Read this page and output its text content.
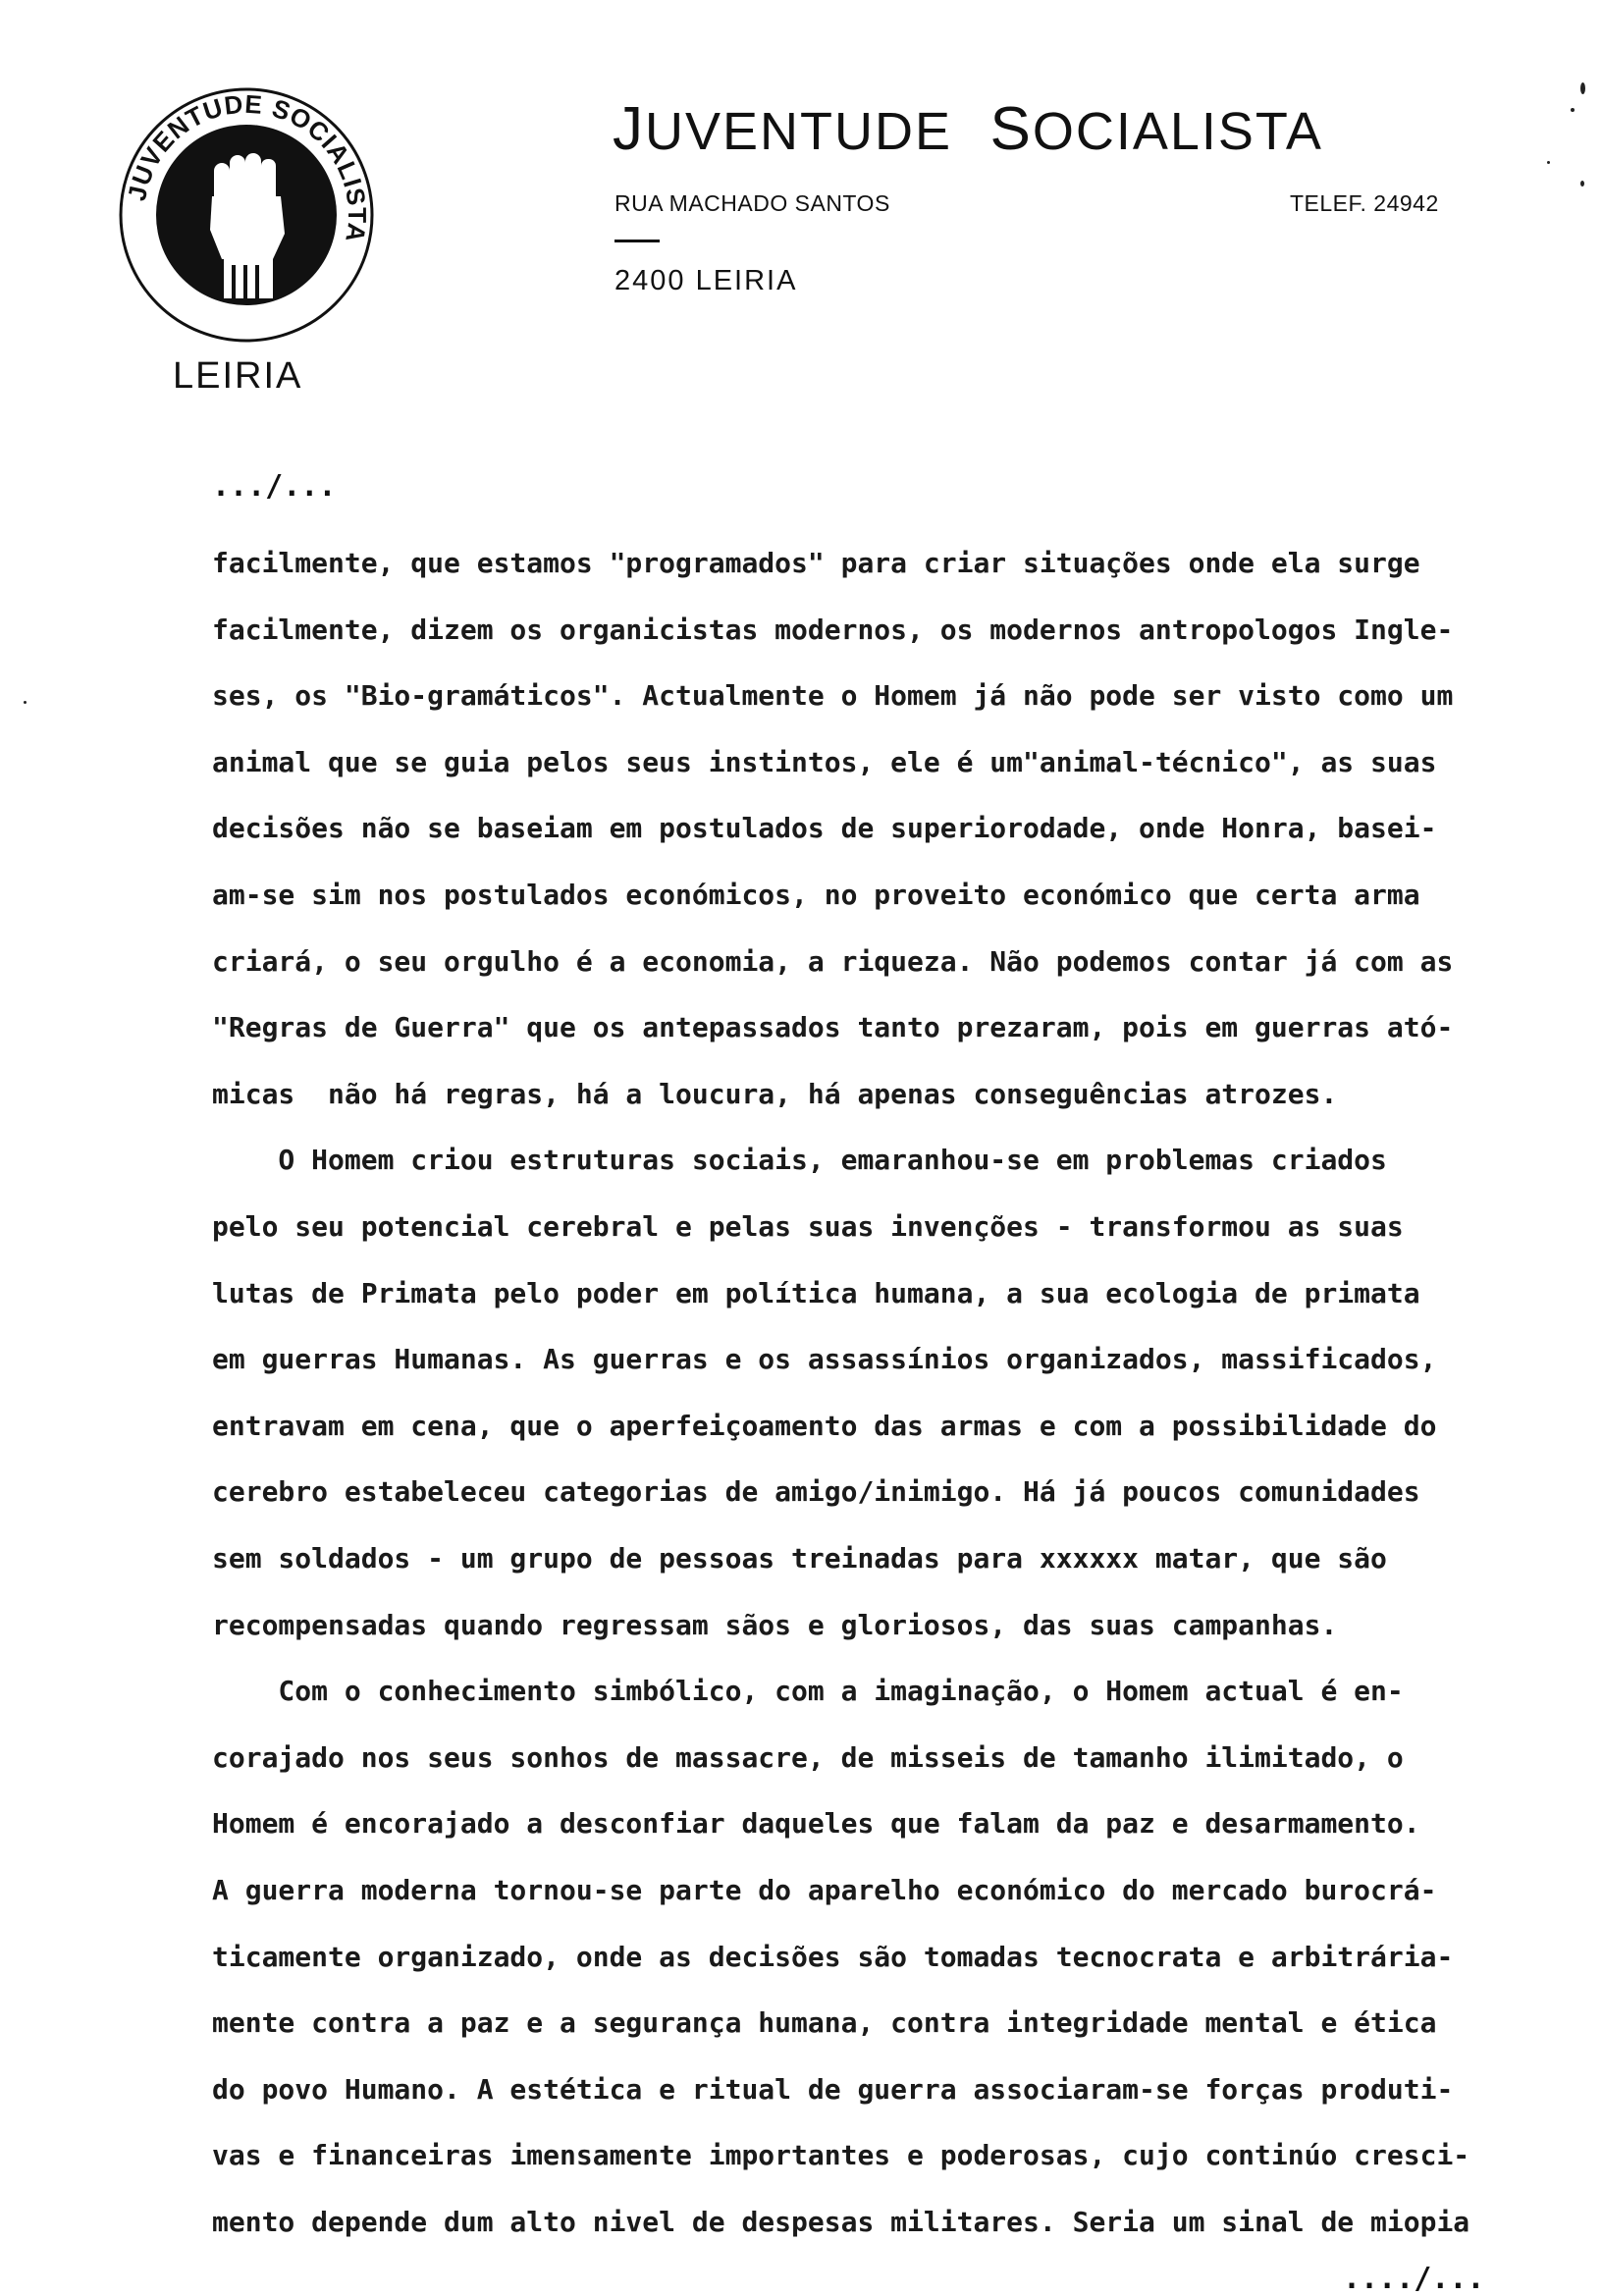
JUVENTUDE SOCIALISTA
LEIRIA
JUVENTUDE SOCIALISTA
RUA MACHADO SANTOS	TELEF. 24942
2400 LEIRIA
.../...
facilmente, que estamos "programados" para criar situações onde ela surge
facilmente, dizem os organicistas modernos, os modernos antropologos Ingle-
ses, os "Bio-gramáticos". Actualmente o Homem já não pode ser visto como um
animal que se guia pelos seus instintos, ele é um"animal-técnico", as suas
decisões não se baseiam em postulados de superiorodade, onde Honra, basei-
am-se sim nos postulados económicos, no proveito económico que certa arma
criará, o seu orgulho é a economia, a riqueza. Não podemos contar já com as
"Regras de Guerra" que os antepassados tanto prezaram, pois em guerras ató-
micas  não há regras, há a loucura, há apenas conseguências atrozes.
O Homem criou estruturas sociais, emaranhou-se em problemas criados
pelo seu potencial cerebral e pelas suas invenções - transformou as suas
lutas de Primata pelo poder em política humana, a sua ecologia de primata
em guerras Humanas. As guerras e os assassínios organizados, massificados,
entravam em cena, que o aperfeiçoamento das armas e com a possibilidade do
cerebro estabeleceu categorias de amigo/inimigo. Há já poucos comunidades
sem soldados - um grupo de pessoas treinadas para xxxxxx matar, que são
recompensadas quando regressam sãos e gloriosos, das suas campanhas.
Com o conhecimento simbólico, com a imaginação, o Homem actual é en-
corajado nos seus sonhos de massacre, de misseis de tamanho ilimitado, o
Homem é encorajado a desconfiar daqueles que falam da paz e desarmamento.
A guerra moderna tornou-se parte do aparelho económico do mercado burocrá-
ticamente organizado, onde as decisões são tomadas tecnocrata e arbitrária-
mente contra a paz e a segurança humana, contra integridade mental e ética
do povo Humano. A estética e ritual de guerra associaram-se forças produti-
vas e financeiras imensamente importantes e poderosas, cujo continúo cresci-
mento depende dum alto nivel de despesas militares. Seria um sinal de miopia
..../...
